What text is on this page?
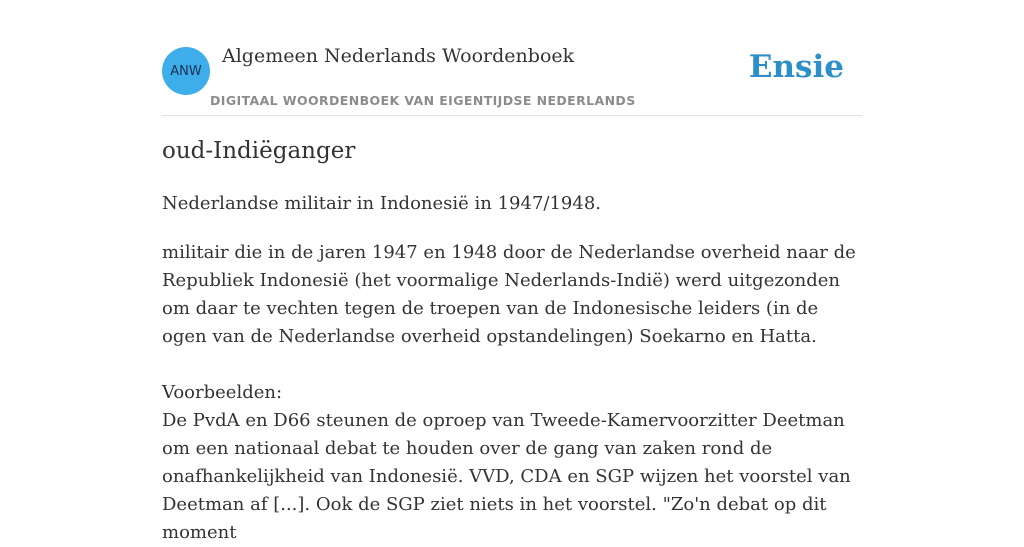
ANW
Algemeen Nederlands Woordenboek
DIGITAAL WOORDENBOEK VAN EIGENTIJDSE NEDERLANDS
Ensie
oud-Indiëganger
Nederlandse militair in Indonesië in 1947/1948.

militair die in de jaren 1947 en 1948 door de Nederlandse overheid naar de Republiek Indonesië (het voormalige Nederlands-Indië) werd uitgezonden om daar te vechten tegen de troepen van de Indonesische leiders (in de ogen van de Nederlandse overheid opstandelingen) Soekarno en Hatta.

Voorbeelden:

De PvdA en D66 steunen de oproep van Tweede-Kamervoorzitter Deetman om een nationaal debat te houden over de gang van zaken rond de onafhankelijkheid van Indonesië. VVD, CDA en SGP wijzen het voorstel van Deetman af [...]. Ook de SGP ziet niets in het voorstel. "Zo'n debat op dit moment
